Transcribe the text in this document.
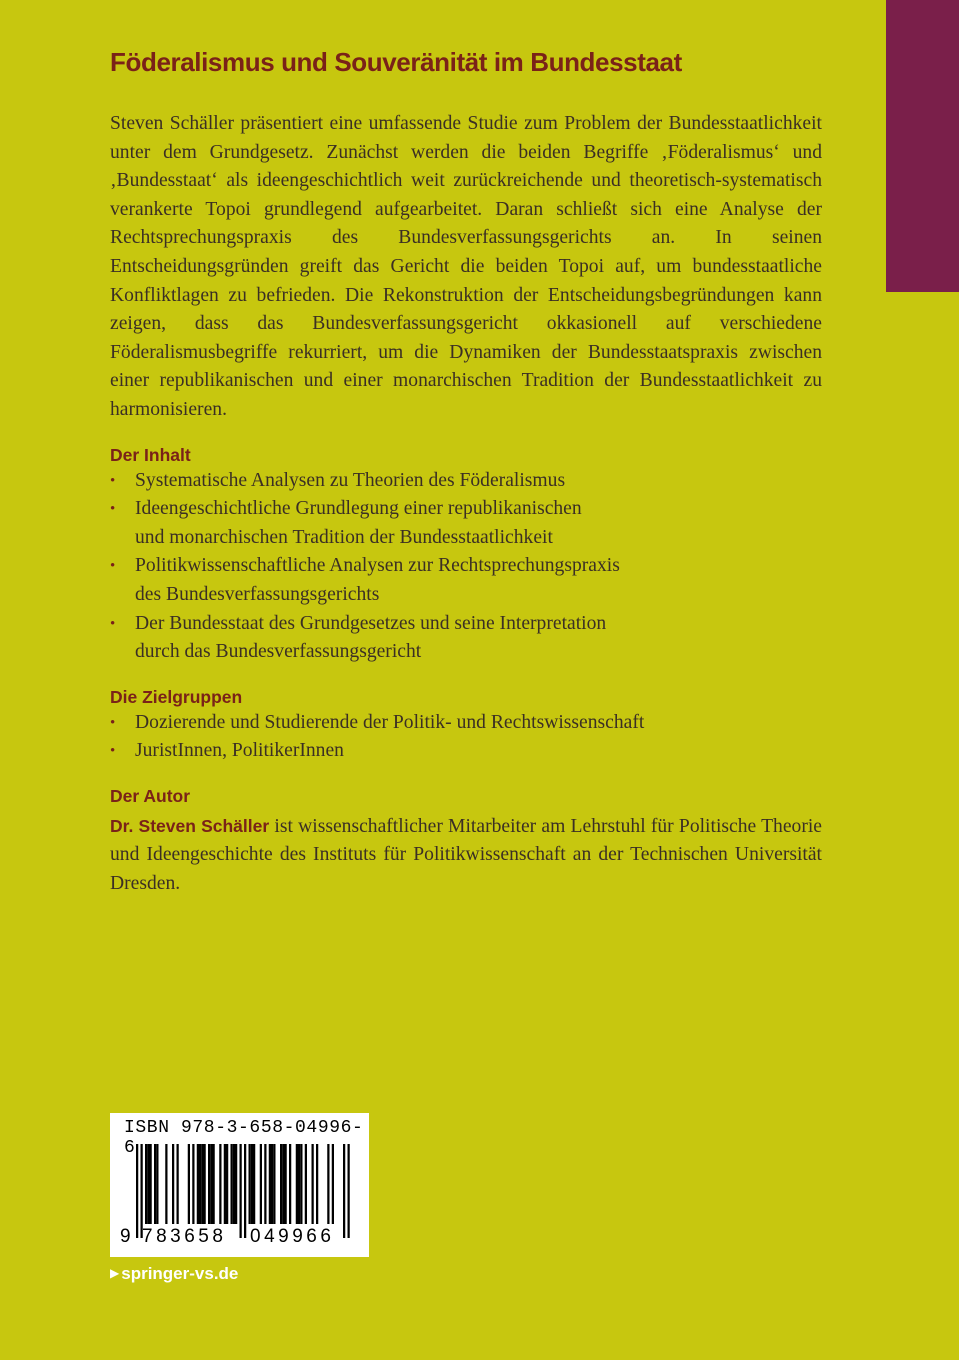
Föderalismus und Souveränität im Bundesstaat

Steven Schäller präsentiert eine umfassende Studie zum Problem der Bundesstaatlichkeit unter dem Grundgesetz. Zunächst werden die beiden Begriffe ‚Föderalismus‘ und ‚Bundesstaat‘ als ideengeschichtlich weit zurückreichende und theoretisch-systematisch verankerte Topoi grundlegend aufgearbeitet. Daran schließt sich eine Analyse der Rechtsprechungspraxis des Bundesverfassungsgerichts an. In seinen Entscheidungsgründen greift das Gericht die beiden Topoi auf, um bundesstaatliche Konfliktlagen zu befrieden. Die Rekonstruktion der Entscheidungsbegründungen kann zeigen, dass das Bundesverfassungsgericht okkasionell auf verschiedene Föderalismusbegriffe rekurriert, um die Dynamiken der Bundesstaatspraxis zwischen einer republikanischen und einer monarchischen Tradition der Bundesstaatlichkeit zu harmonisieren.

Der Inhalt
• Systematische Analysen zu Theorien des Föderalismus
• Ideengeschichtliche Grundlegung einer republikanischen
und monarchischen Tradition der Bundesstaatlichkeit
• Politikwissenschaftliche Analysen zur Rechtsprechungspraxis
des Bundesverfassungsgerichts
• Der Bundesstaat des Grundgesetzes und seine Interpretation
durch das Bundesverfassungsgericht
Die Zielgruppen
• Dozierende und Studierende der Politik- und Rechtswissenschaft
• JuristInnen, PolitikerInnen
Der Autor

Dr. Steven Schäller ist wissenschaftlicher Mitarbeiter am Lehrstuhl für Politische Theorie und Ideengeschichte des Instituts für Politikwissenschaft an der Technischen Universität Dresden.

ISBN 978-3-658-04996-6
9 783658 049966
▶ springer-vs.de
